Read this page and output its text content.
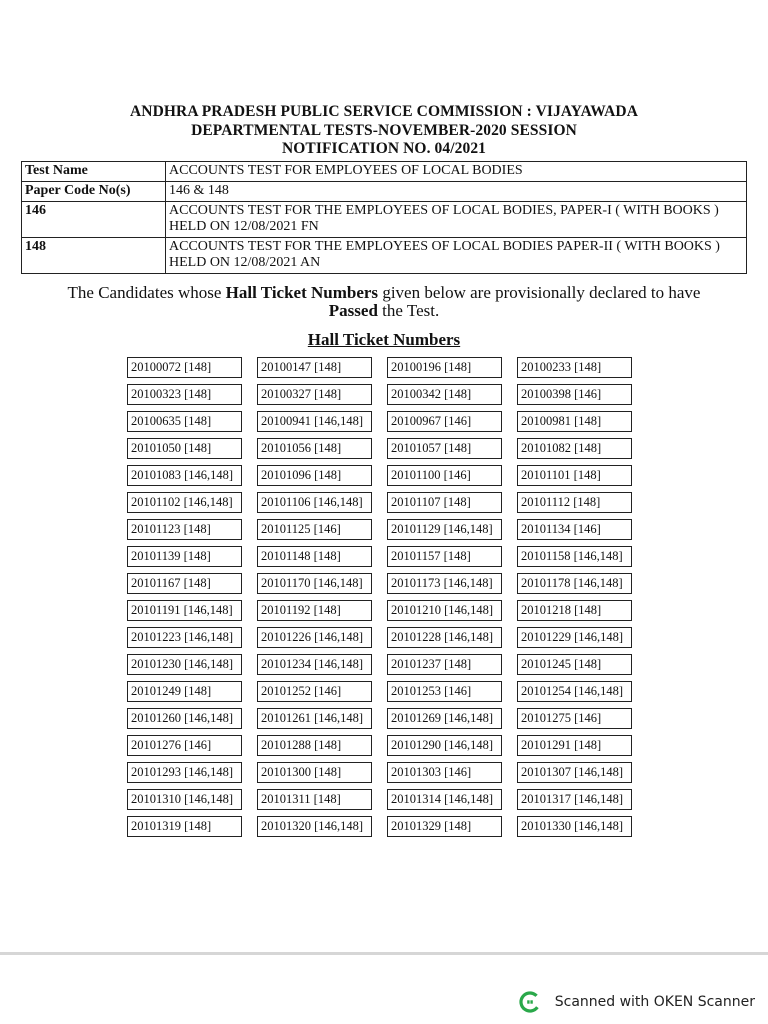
ANDHRA PRADESH PUBLIC SERVICE COMMISSION : VIJAYAWADA
DEPARTMENTAL TESTS-NOVEMBER-2020 SESSION
NOTIFICATION NO. 04/2021
Test Name	ACCOUNTS TEST FOR EMPLOYEES OF LOCAL BODIES
Paper Code No(s)	146 & 148
146	ACCOUNTS TEST FOR THE EMPLOYEES OF LOCAL BODIES, PAPER-I ( WITH BOOKS ) HELD ON 12/08/2021 FN
148	ACCOUNTS TEST FOR THE EMPLOYEES OF LOCAL BODIES PAPER-II ( WITH BOOKS ) HELD ON 12/08/2021 AN
The Candidates whose Hall Ticket Numbers given below are provisionally declared to have
Passed the Test.
Hall Ticket Numbers
20100072 [148]	20100147 [148]	20100196 [148]	20100233 [148]
20100323 [148]	20100327 [148]	20100342 [148]	20100398 [146]
20100635 [148]	20100941 [146,148]	20100967 [146]	20100981 [148]
20101050 [148]	20101056 [148]	20101057 [148]	20101082 [148]
20101083 [146,148]	20101096 [148]	20101100 [146]	20101101 [148]
20101102 [146,148]	20101106 [146,148]	20101107 [148]	20101112 [148]
20101123 [148]	20101125 [146]	20101129 [146,148]	20101134 [146]
20101139 [148]	20101148 [148]	20101157 [148]	20101158 [146,148]
20101167 [148]	20101170 [146,148]	20101173 [146,148]	20101178 [146,148]
20101191 [146,148]	20101192 [148]	20101210 [146,148]	20101218 [148]
20101223 [146,148]	20101226 [146,148]	20101228 [146,148]	20101229 [146,148]
20101230 [146,148]	20101234 [146,148]	20101237 [148]	20101245 [148]
20101249 [148]	20101252 [146]	20101253 [146]	20101254 [146,148]
20101260 [146,148]	20101261 [146,148]	20101269 [146,148]	20101275 [146]
20101276 [146]	20101288 [148]	20101290 [146,148]	20101291 [148]
20101293 [146,148]	20101300 [148]	20101303 [146]	20101307 [146,148]
20101310 [146,148]	20101311 [148]	20101314 [146,148]	20101317 [146,148]
20101319 [148]	20101320 [146,148]	20101329 [148]	20101330 [146,148]
Scanned with OKEN Scanner
